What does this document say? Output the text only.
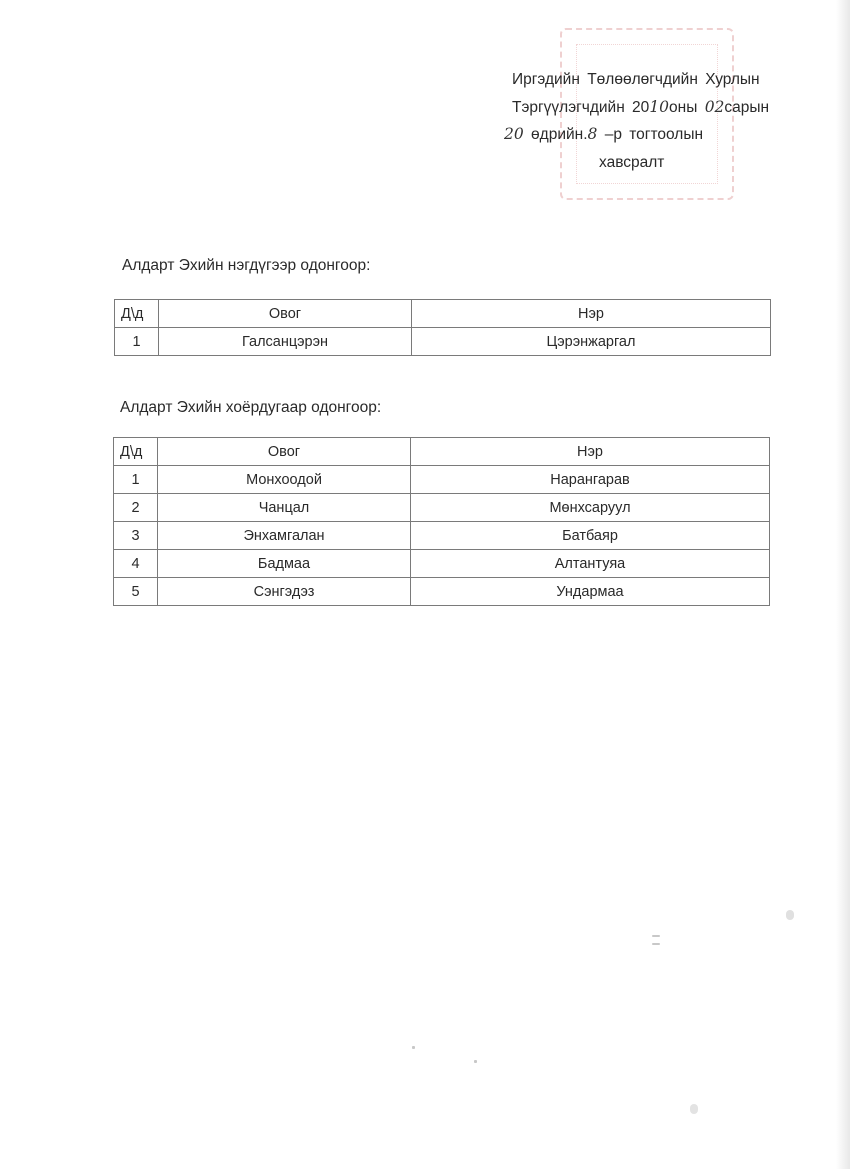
Иргэдийн Төлөөлөгчдийн Хурлын
Тэргүүлэгчдийн 2010оны 02сарын
20 өдрийн.8 –р тогтоолын
хавсралт
Алдарт Эхийн нэгдүгээр одонгоор:
Д\д	Овог	Нэр
1	Галсанцэрэн	Цэрэнжаргал
Алдарт Эхийн хоёрдугаар одонгоор:
Д\д	Овог	Нэр
1	Монхоодой	Нарангарав
2	Чанцал	Мөнхсаруул
3	Энхамгалан	Батбаяр
4	Бадмаа	Алтантуяа
5	Сэнгэдэз	Ундармаа
